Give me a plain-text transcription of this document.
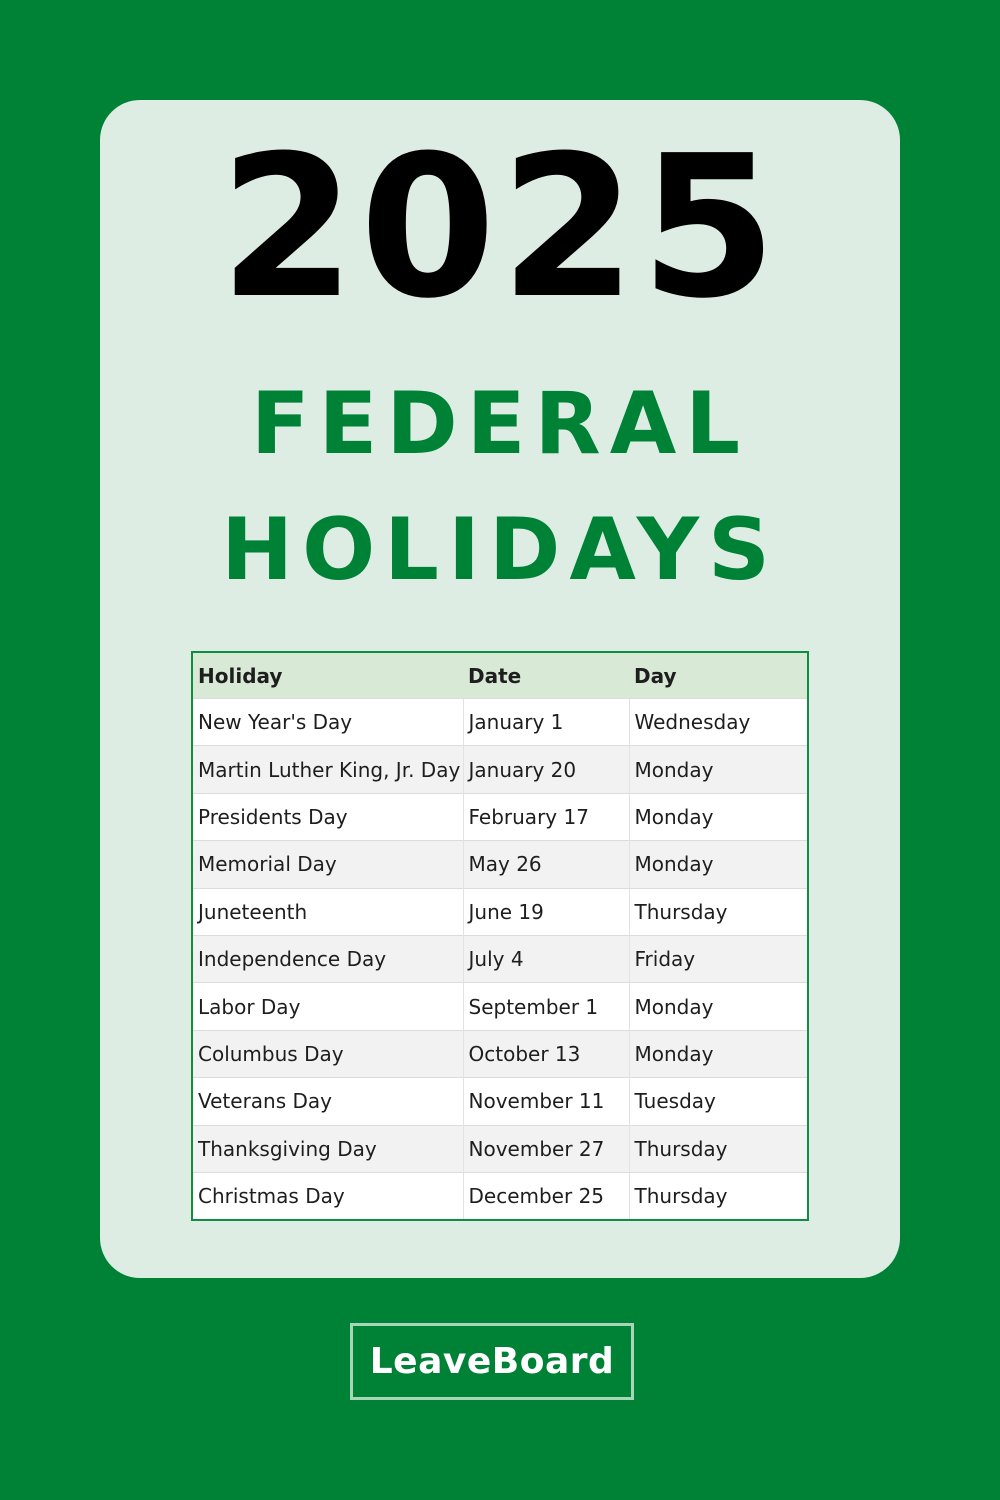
2025
FEDERAL
HOLIDAYS
Holiday	Date	Day
New Year's Day	January 1	Wednesday
Martin Luther King, Jr. Day	January 20	Monday
Presidents Day	February 17	Monday
Memorial Day	May 26	Monday
Juneteenth	June 19	Thursday
Independence Day	July 4	Friday
Labor Day	September 1	Monday
Columbus Day	October 13	Monday
Veterans Day	November 11	Tuesday
Thanksgiving Day	November 27	Thursday
Christmas Day	December 25	Thursday
LeaveBoard
